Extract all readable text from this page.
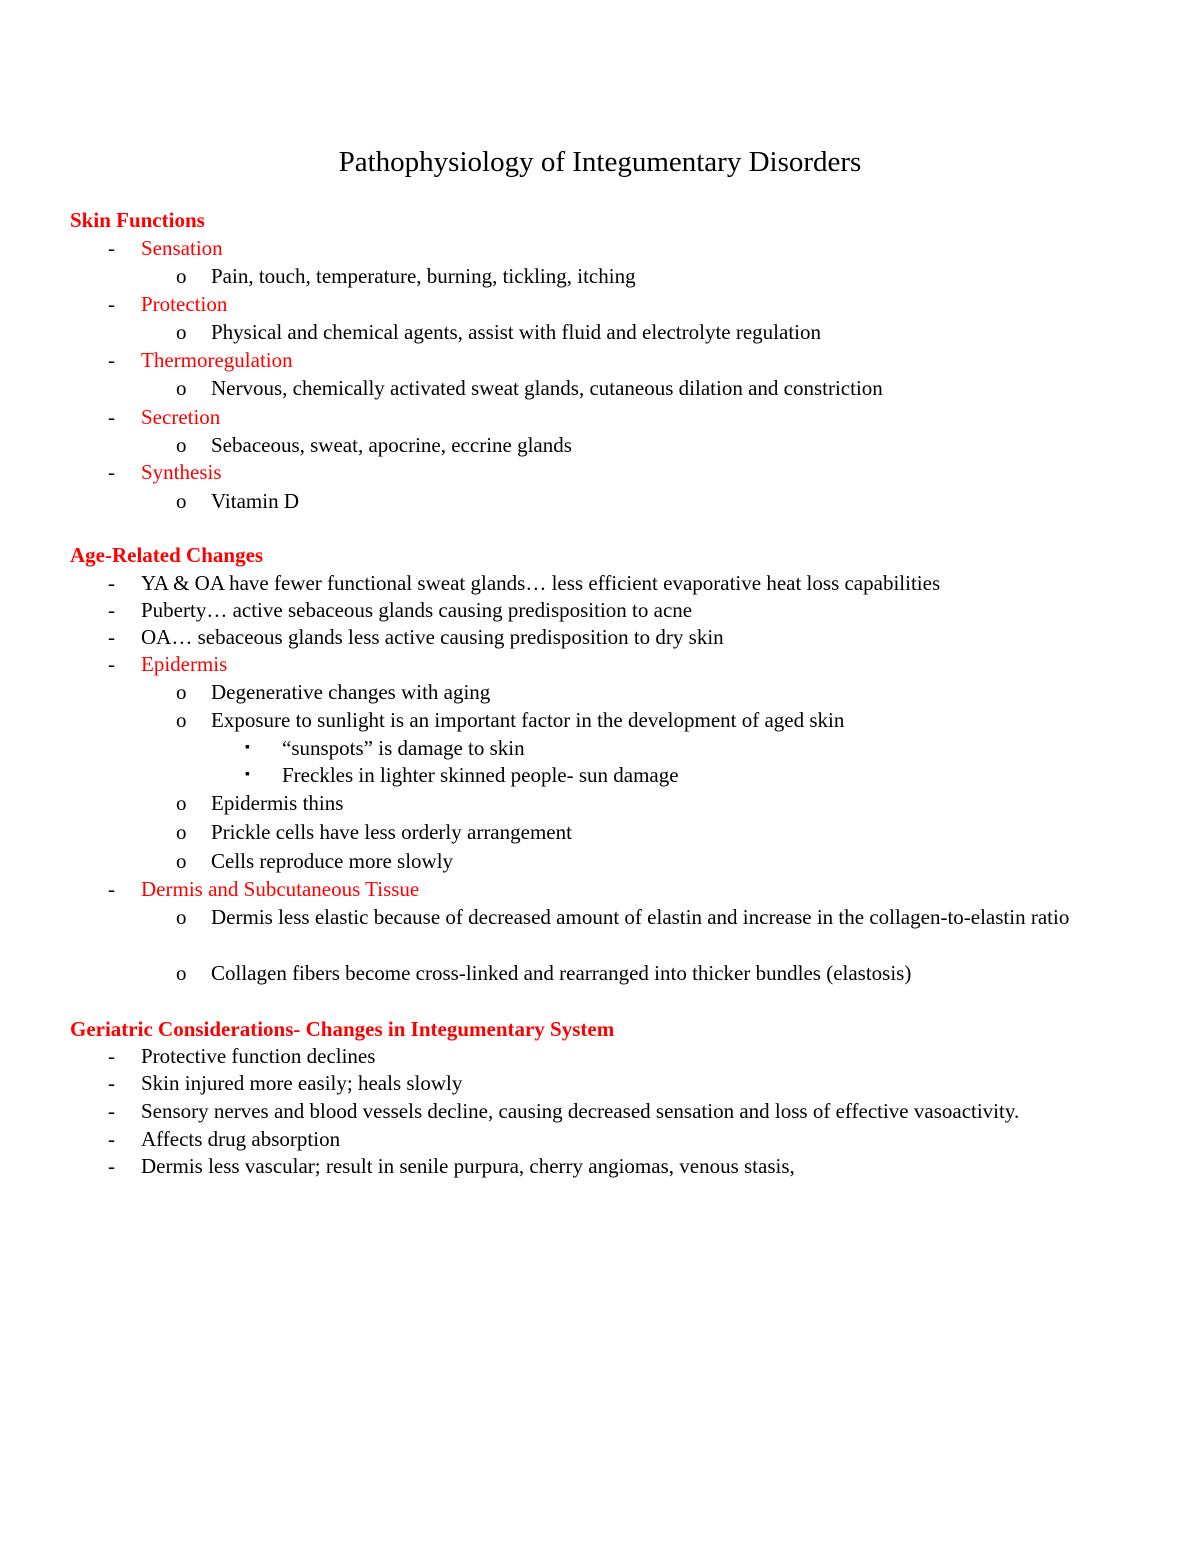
Pathophysiology of Integumentary Disorders
Skin Functions
- Sensation
o Pain, touch, temperature, burning, tickling, itching
- Protection
o Physical and chemical agents, assist with fluid and electrolyte regulation
- Thermoregulation
o Nervous, chemically activated sweat glands, cutaneous dilation and constriction
- Secretion
o Sebaceous, sweat, apocrine, eccrine glands
- Synthesis
o Vitamin D
Age-Related Changes
- YA & OA have fewer functional sweat glands… less efficient evaporative heat loss capabilities
- Puberty… active sebaceous glands causing predisposition to acne
- OA… sebaceous glands less active causing predisposition to dry skin
- Epidermis
o Degenerative changes with aging
o Exposure to sunlight is an important factor in the development of aged skin
▪ “sunspots” is damage to skin
▪ Freckles in lighter skinned people- sun damage
o Epidermis thins
o Prickle cells have less orderly arrangement
o Cells reproduce more slowly
- Dermis and Subcutaneous Tissue
o Dermis less elastic because of decreased amount of elastin and increase in the collagen-to-elastin ratio
o Collagen fibers become cross-linked and rearranged into thicker bundles (elastosis)
Geriatric Considerations- Changes in Integumentary System
- Protective function declines
- Skin injured more easily; heals slowly
- Sensory nerves and blood vessels decline, causing decreased sensation and loss of effective vasoactivity.
- Affects drug absorption
- Dermis less vascular; result in senile purpura, cherry angiomas, venous stasis,
